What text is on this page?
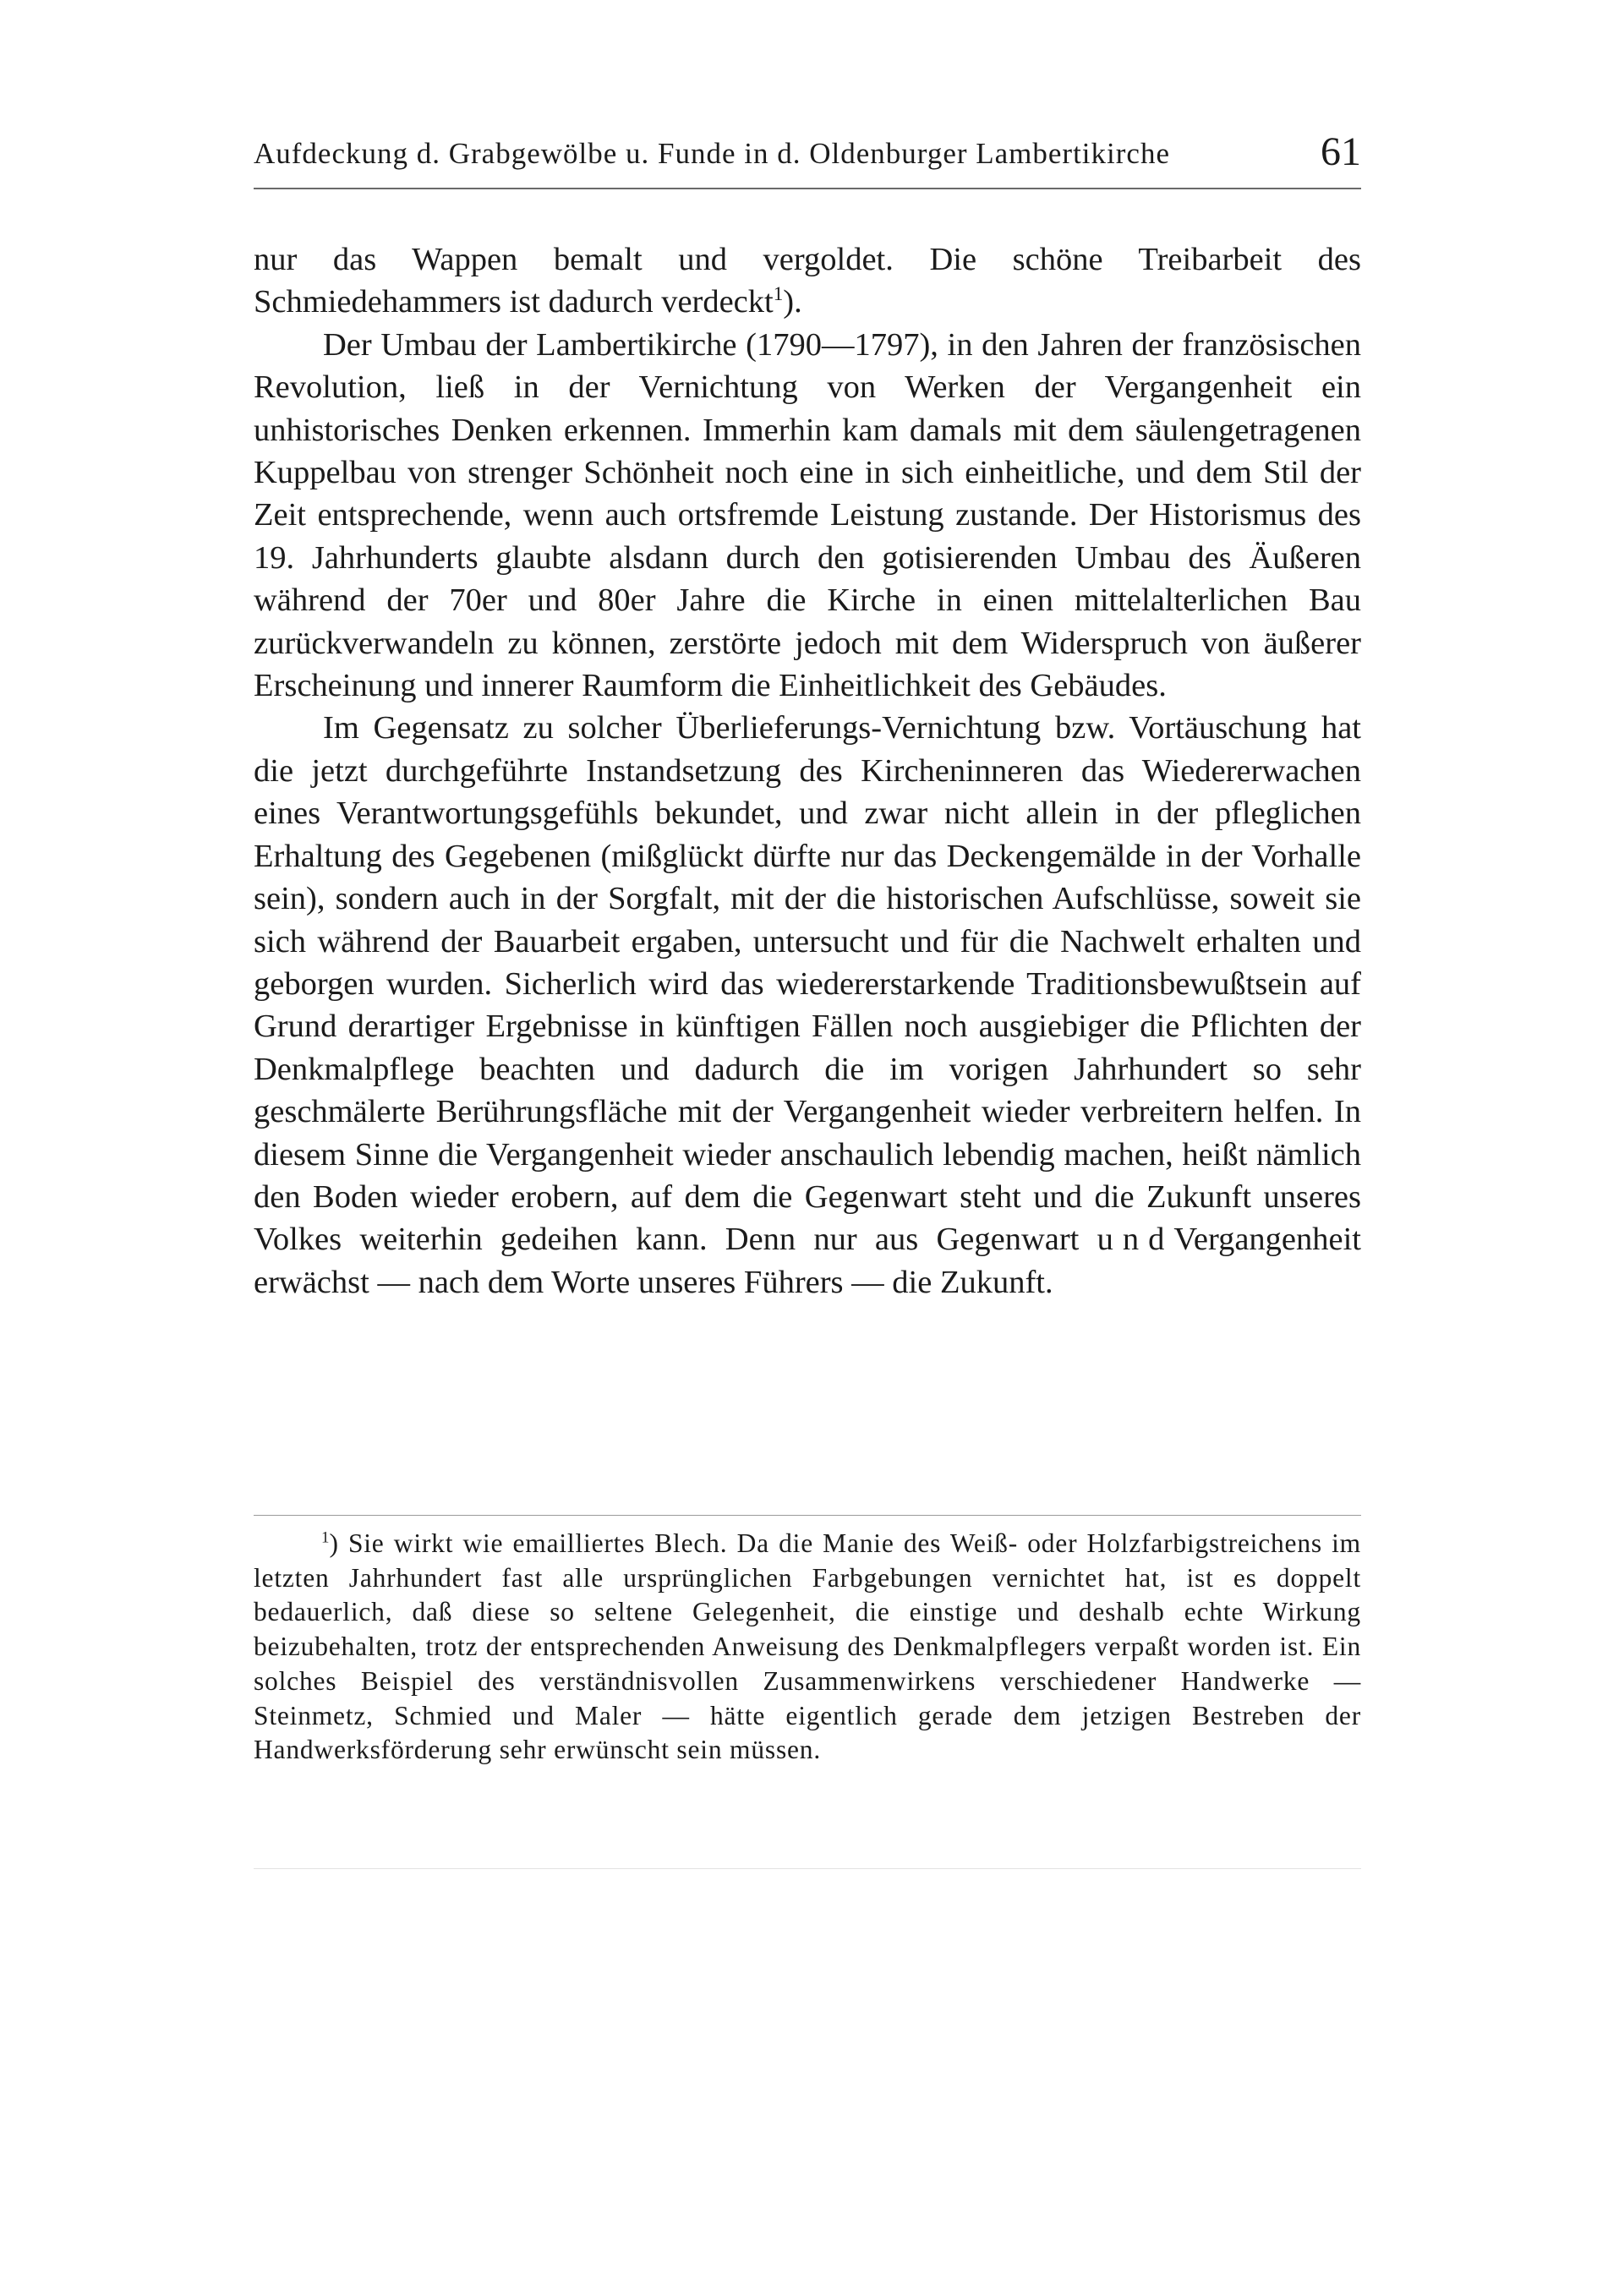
Aufdeckung d. Grabgewölbe u. Funde in d. Oldenburger Lambertikirche	61

nur das Wappen bemalt und vergoldet. Die schöne Treibarbeit des Schmiedehammers ist dadurch verdeckt$^1$).

Der Umbau der Lambertikirche (1790—1797), in den Jahren der französischen Revolution, ließ in der Vernichtung von Werken der Vergangenheit ein unhistorisches Denken erkennen. Immerhin kam damals mit dem säulengetragenen Kuppelbau von strenger Schönheit noch eine in sich einheitliche, und dem Stil der Zeit entsprechende, wenn auch ortsfremde Leistung zustande. Der Historismus des 19. Jahrhunderts glaubte alsdann durch den gotisierenden Umbau des Äußeren während der 70er und 80er Jahre die Kirche in einen mittelalterlichen Bau zurückverwandeln zu können, zerstörte jedoch mit dem Widerspruch von äußerer Erscheinung und innerer Raumform die Einheitlichkeit des Gebäudes.

Im Gegensatz zu solcher Überlieferungs-Vernichtung bzw. Vortäuschung hat die jetzt durchgeführte Instandsetzung des Kircheninneren das Wiedererwachen eines Verantwortungsgefühls bekundet, und zwar nicht allein in der pfleglichen Erhaltung des Gegebenen (mißglückt dürfte nur das Deckengemälde in der Vorhalle sein), sondern auch in der Sorgfalt, mit der die historischen Aufschlüsse, soweit sie sich während der Bauarbeit ergaben, untersucht und für die Nachwelt erhalten und geborgen wurden. Sicherlich wird das wiedererstarkende Traditionsbewußtsein auf Grund derartiger Ergebnisse in künftigen Fällen noch ausgiebiger die Pflichten der Denkmalpflege beachten und dadurch die im vorigen Jahrhundert so sehr geschmälerte Berührungsfläche mit der Vergangenheit wieder verbreitern helfen. In diesem Sinne die Vergangenheit wieder anschaulich lebendig machen, heißt nämlich den Boden wieder erobern, auf dem die Gegenwart steht und die Zukunft unseres Volkes weiterhin gedeihen kann. Denn nur aus Gegenwart undVergangenheit erwächst — nach dem Worte unseres Führers — die Zukunft.

$^1$) Sie wirkt wie emailliertes Blech. Da die Manie des Weiß- oder Holzfarbigstreichens im letzten Jahrhundert fast alle ursprünglichen Farbgebungen vernichtet hat, ist es doppelt bedauerlich, daß diese so seltene Gelegenheit, die einstige und deshalb echte Wirkung beizubehalten, trotz der entsprechenden Anweisung des Denkmalpflegers verpaßt worden ist. Ein solches Beispiel des verständnisvollen Zusammenwirkens verschiedener Handwerke — Steinmetz, Schmied und Maler — hätte eigentlich gerade dem jetzigen Bestreben der Handwerksförderung sehr erwünscht sein müssen.
